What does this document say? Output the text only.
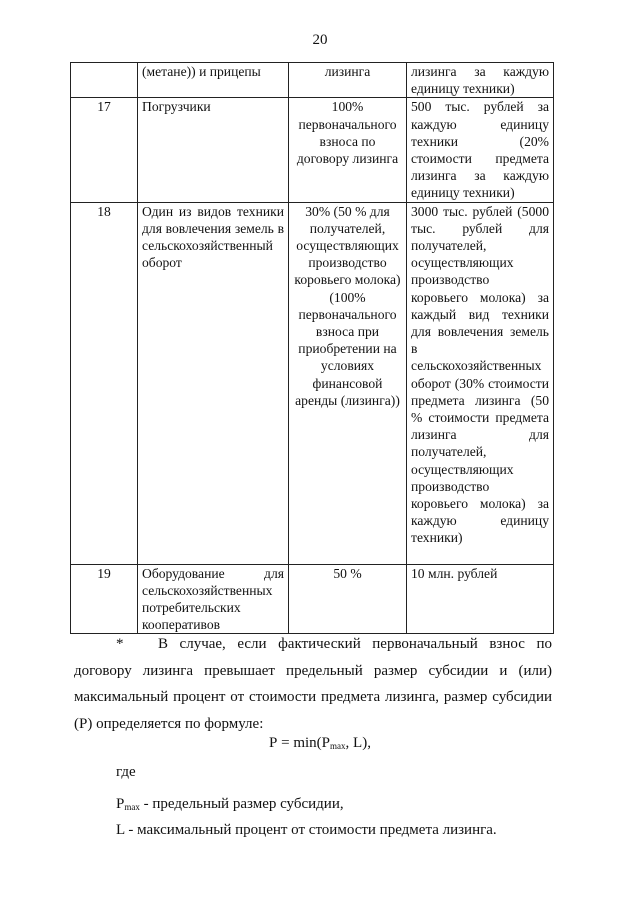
20
	(метане)) и прицепы	лизинга	лизинга за каждую единицу техники)
17	Погрузчики	100% первоначального взноса по договору лизинга	500 тыс. рублей за каждую единицу техники (20% стоимости предмета лизинга за каждую единицу техники)
18	Один из видов техники для вовлечения земель в сельскохозяйственный оборот	30% (50 % для получателей, осуществляющих производство коровьего молока) (100% первоначального взноса при приобретении на условиях финансовой аренды (лизинга))	3000 тыс. рублей (5000 тыс. рублей для получателей, осуществляющих производство коровьего молока) за каждый вид техники для вовлечения земель в сельскохозяйственных оборот (30% стоимости предмета лизинга (50 % стоимости предмета лизинга для получателей, осуществляющих производство коровьего молока) за каждую единицу техники)
19	Оборудование для сельскохозяйственных потребительских кооперативов	50 %	10 млн. рублей
* В случае, если фактический первоначальный взнос по договору лизинга превышает предельный размер субсидии и (или) максимальный процент от стоимости предмета лизинга, размер субсидии (Р) определяется по формуле:
$Р = \min(P_{max}$, L),
где
$P_{max}$ - предельный размер субсидии,
L - максимальный процент от стоимости предмета лизинга.
